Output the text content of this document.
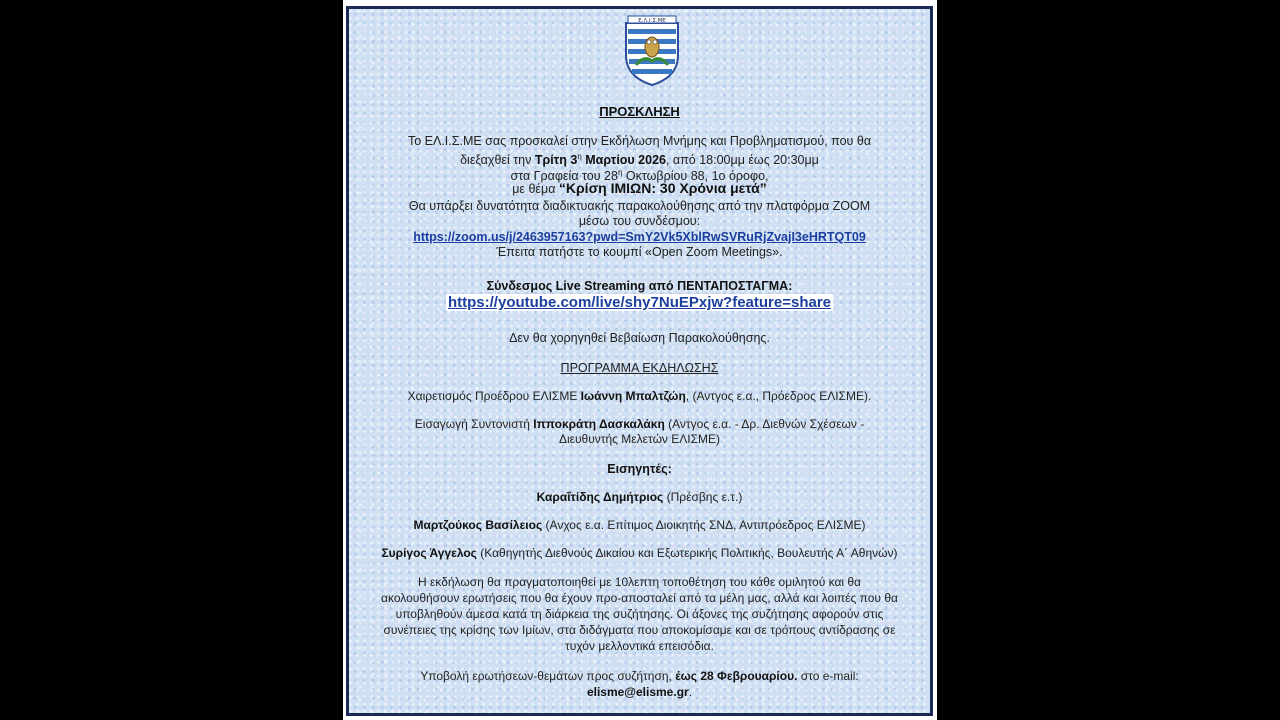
Ε.Λ.Ι.Σ.ΜΕ
ΠΡΟΣΚΛΗΣΗ
Το ΕΛ.Ι.Σ.ΜΕ σας προσκαλεί στην Εκδήλωση Μνήμης και Προβληματισμού, που θα
διεξαχθεί την Τρίτη $3^\eta$ Μαρτίου 2026, από 18:00μμ έως 20:30μμ
στα Γραφεία του $28^\eta$ Οκτωβρίου 88, 1ο όροφο,
με θέμα “Κρίση ΙΜΙΩΝ: 30 Χρόνια μετά”
Θα υπάρξει δυνατότητα διαδικτυακής παρακολούθησης από την πλατφόρμα ZOOM
μέσω του συνδέσμου:
https://zoom.us/j/2463957163?pwd=SmY2Vk5XblRwSVRuRjZvajI3eHRTQT09
Έπειτα πατήστε το κουμπί «Open Zoom Meetings».
Σύνδεσμος Live Streaming από ΠΕΝΤΑΠΟΣΤΑΓΜΑ:
https://youtube.com/live/shy7NuEPxjw?feature=share
Δεν θα χορηγηθεί Βεβαίωση Παρακολούθησης.
ΠΡΟΓΡΑΜΜΑ ΕΚΔΗΛΩΣΗΣ
Χαιρετισμός Προέδρου ΕΛΙΣΜΕ Ιωάννη Μπαλτζώη, (Αντγος ε.α., Πρόεδρος ΕΛΙΣΜΕ).
Εισαγωγή Συντονιστή Ιπποκράτη Δασκαλάκη (Αντγος ε.α. - Δρ. Διεθνών Σχέσεων -
Διευθυντής Μελετών ΕΛΙΣΜΕ)
Εισηγητές:
Καραΐτίδης Δημήτριος (Πρέσβης ε.τ.)
Μαρτζούκος Βασίλειος (Ανχος ε.α. Επίτιμος Διοικητής ΣΝΔ, Αντιπρόεδρος ΕΛΙΣΜΕ)
Συρίγος Άγγελος (Καθηγητής Διεθνούς Δικαίου και Εξωτερικής Πολιτικής, Βουλευτής Α΄ Αθηνών)
Η εκδήλωση θα πραγματοποιηθεί με 10λεπτη τοποθέτηση του κάθε ομιλητού και θα
ακολουθήσουν ερωτήσεις που θα έχουν προ-αποσταλεί από τα μέλη μας, αλλά και λοιπές που θα
υποβληθούν άμεσα κατά τη διάρκεια της συζήτησης. Οι άξονες της συζήτησης αφορούν στις
συνέπειες της κρίσης των Ιμίων, στα διδάγματα που αποκομίσαμε και σε τρόπους αντίδρασης σε
τυχόν μελλοντικά επεισόδια.
Υποβολή ερωτήσεων-θεμάτων προς συζήτηση, έως 28 Φεβρουαρίου. στο e-mail:
elisme@elisme.gr.
